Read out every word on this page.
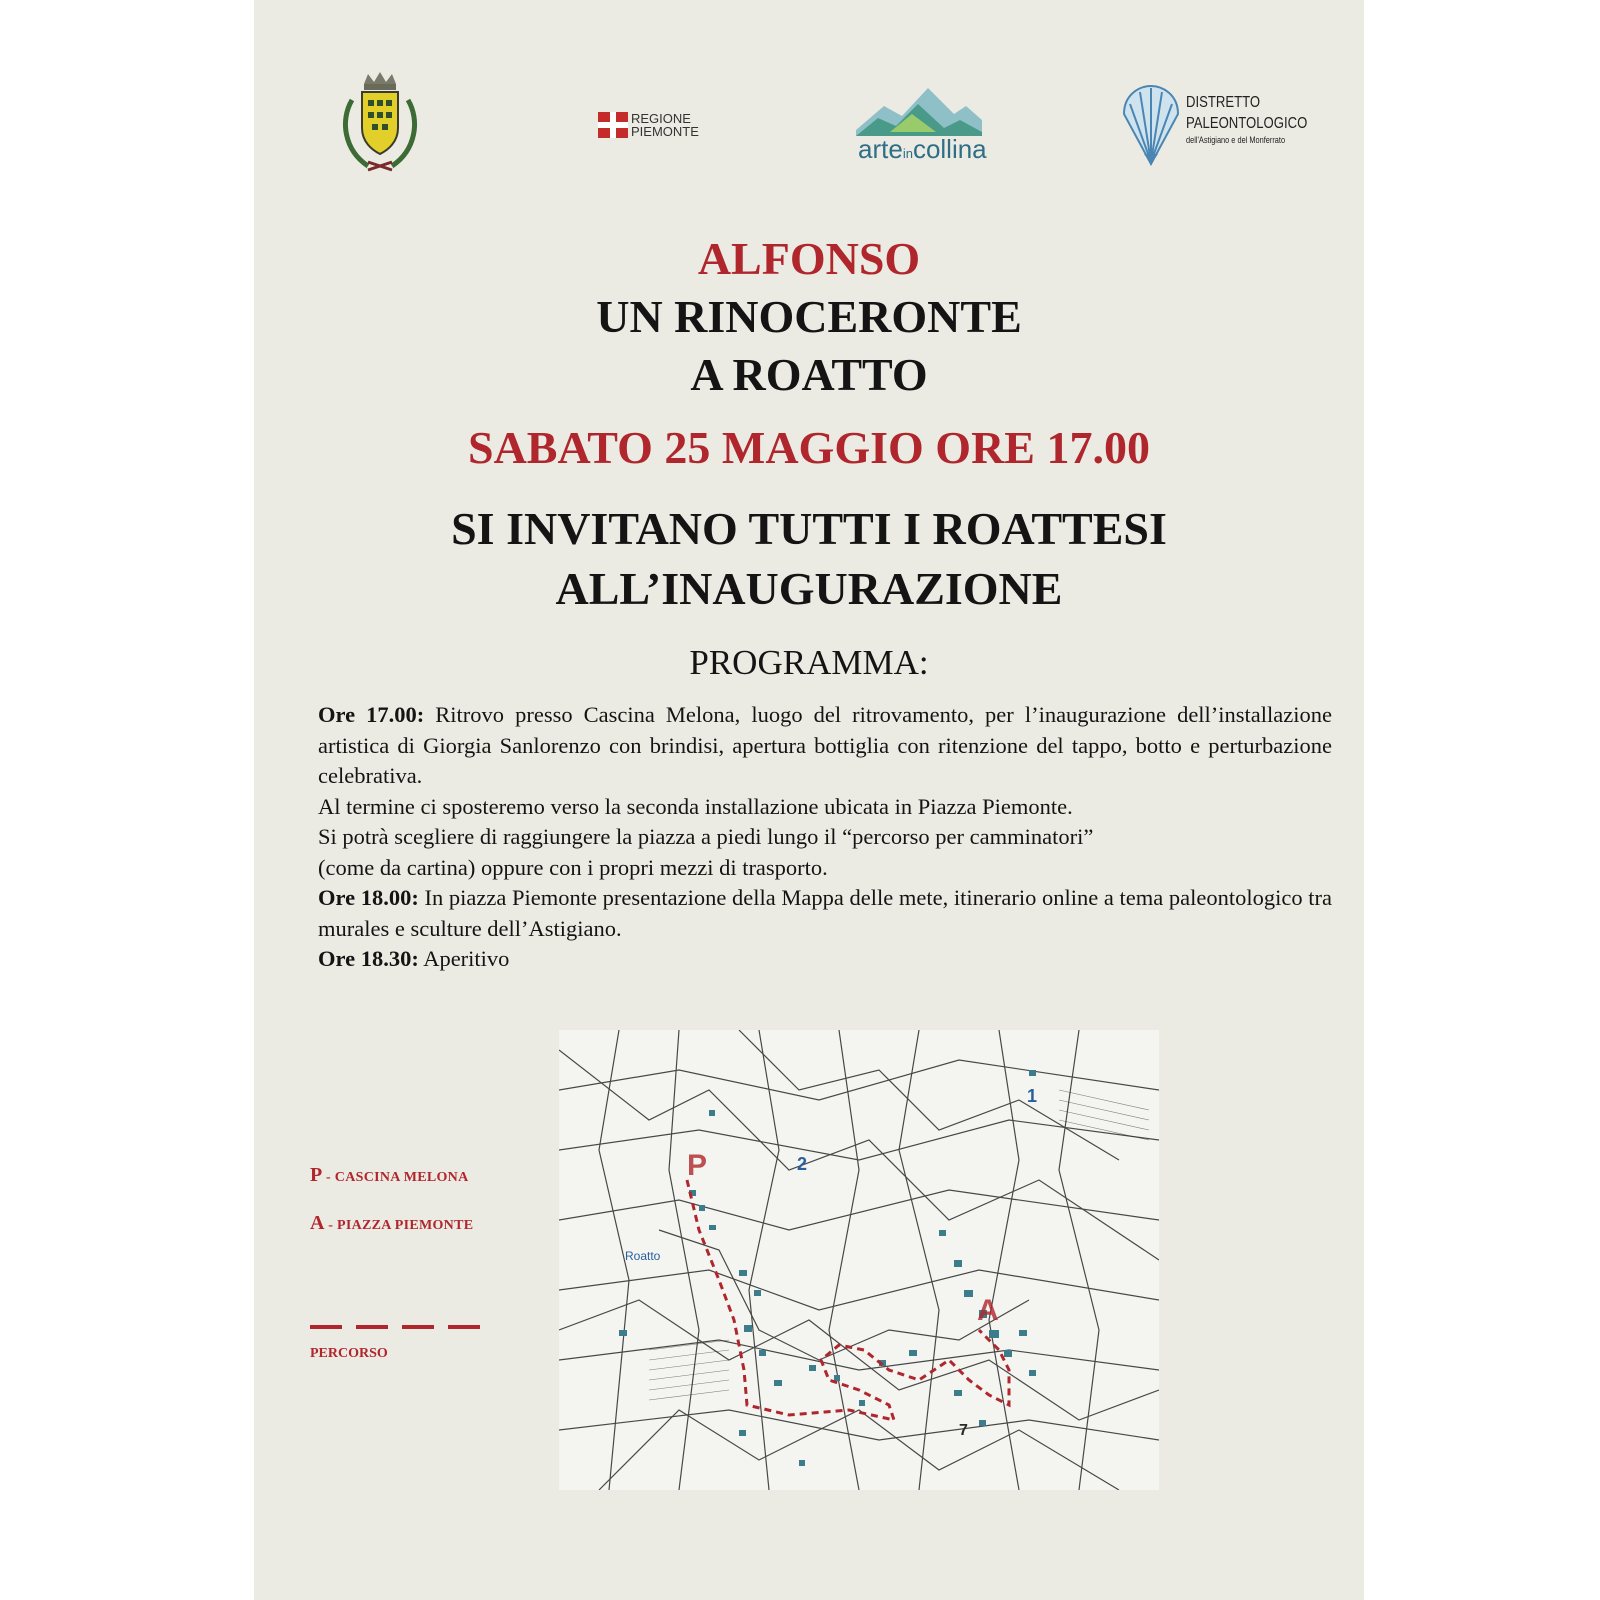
REGIONE
PIEMONTE
arteincollina
DISTRETTO
PALEONTOLOGICO
dell'Astigiano e del Monferrato
ALFONSO
UN RINOCERONTE
A ROATTO
SABATO 25 MAGGIO ORE 17.00
SI INVITANO TUTTI I ROATTESI
ALL’INAUGURAZIONE
PROGRAMMA:

Ore 17.00: Ritrovo presso Cascina Melona, luogo del ritrovamento, per l’inaugurazione dell’installazione artistica di Giorgia Sanlorenzo con brindisi, apertura bottiglia con ritenzione del tappo, botto e perturbazione celebrativa.

Al termine ci sposteremo verso la seconda installazione ubicata in Piazza Piemonte.

Si potrà scegliere di raggiungere la piazza a piedi lungo il “percorso per camminatori”

(come da cartina) oppure con i propri mezzi di trasporto.

Ore 18.00: In piazza Piemonte presentazione della Mappa delle mete, itinerario online a tema paleontologico tra murales e sculture dell’Astigiano.

Ore 18.30: Aperitivo

P - CASCINA MELONA
A - PIAZZA PIEMONTE
PERCORSO
P
A
1
2
7
Roatto
